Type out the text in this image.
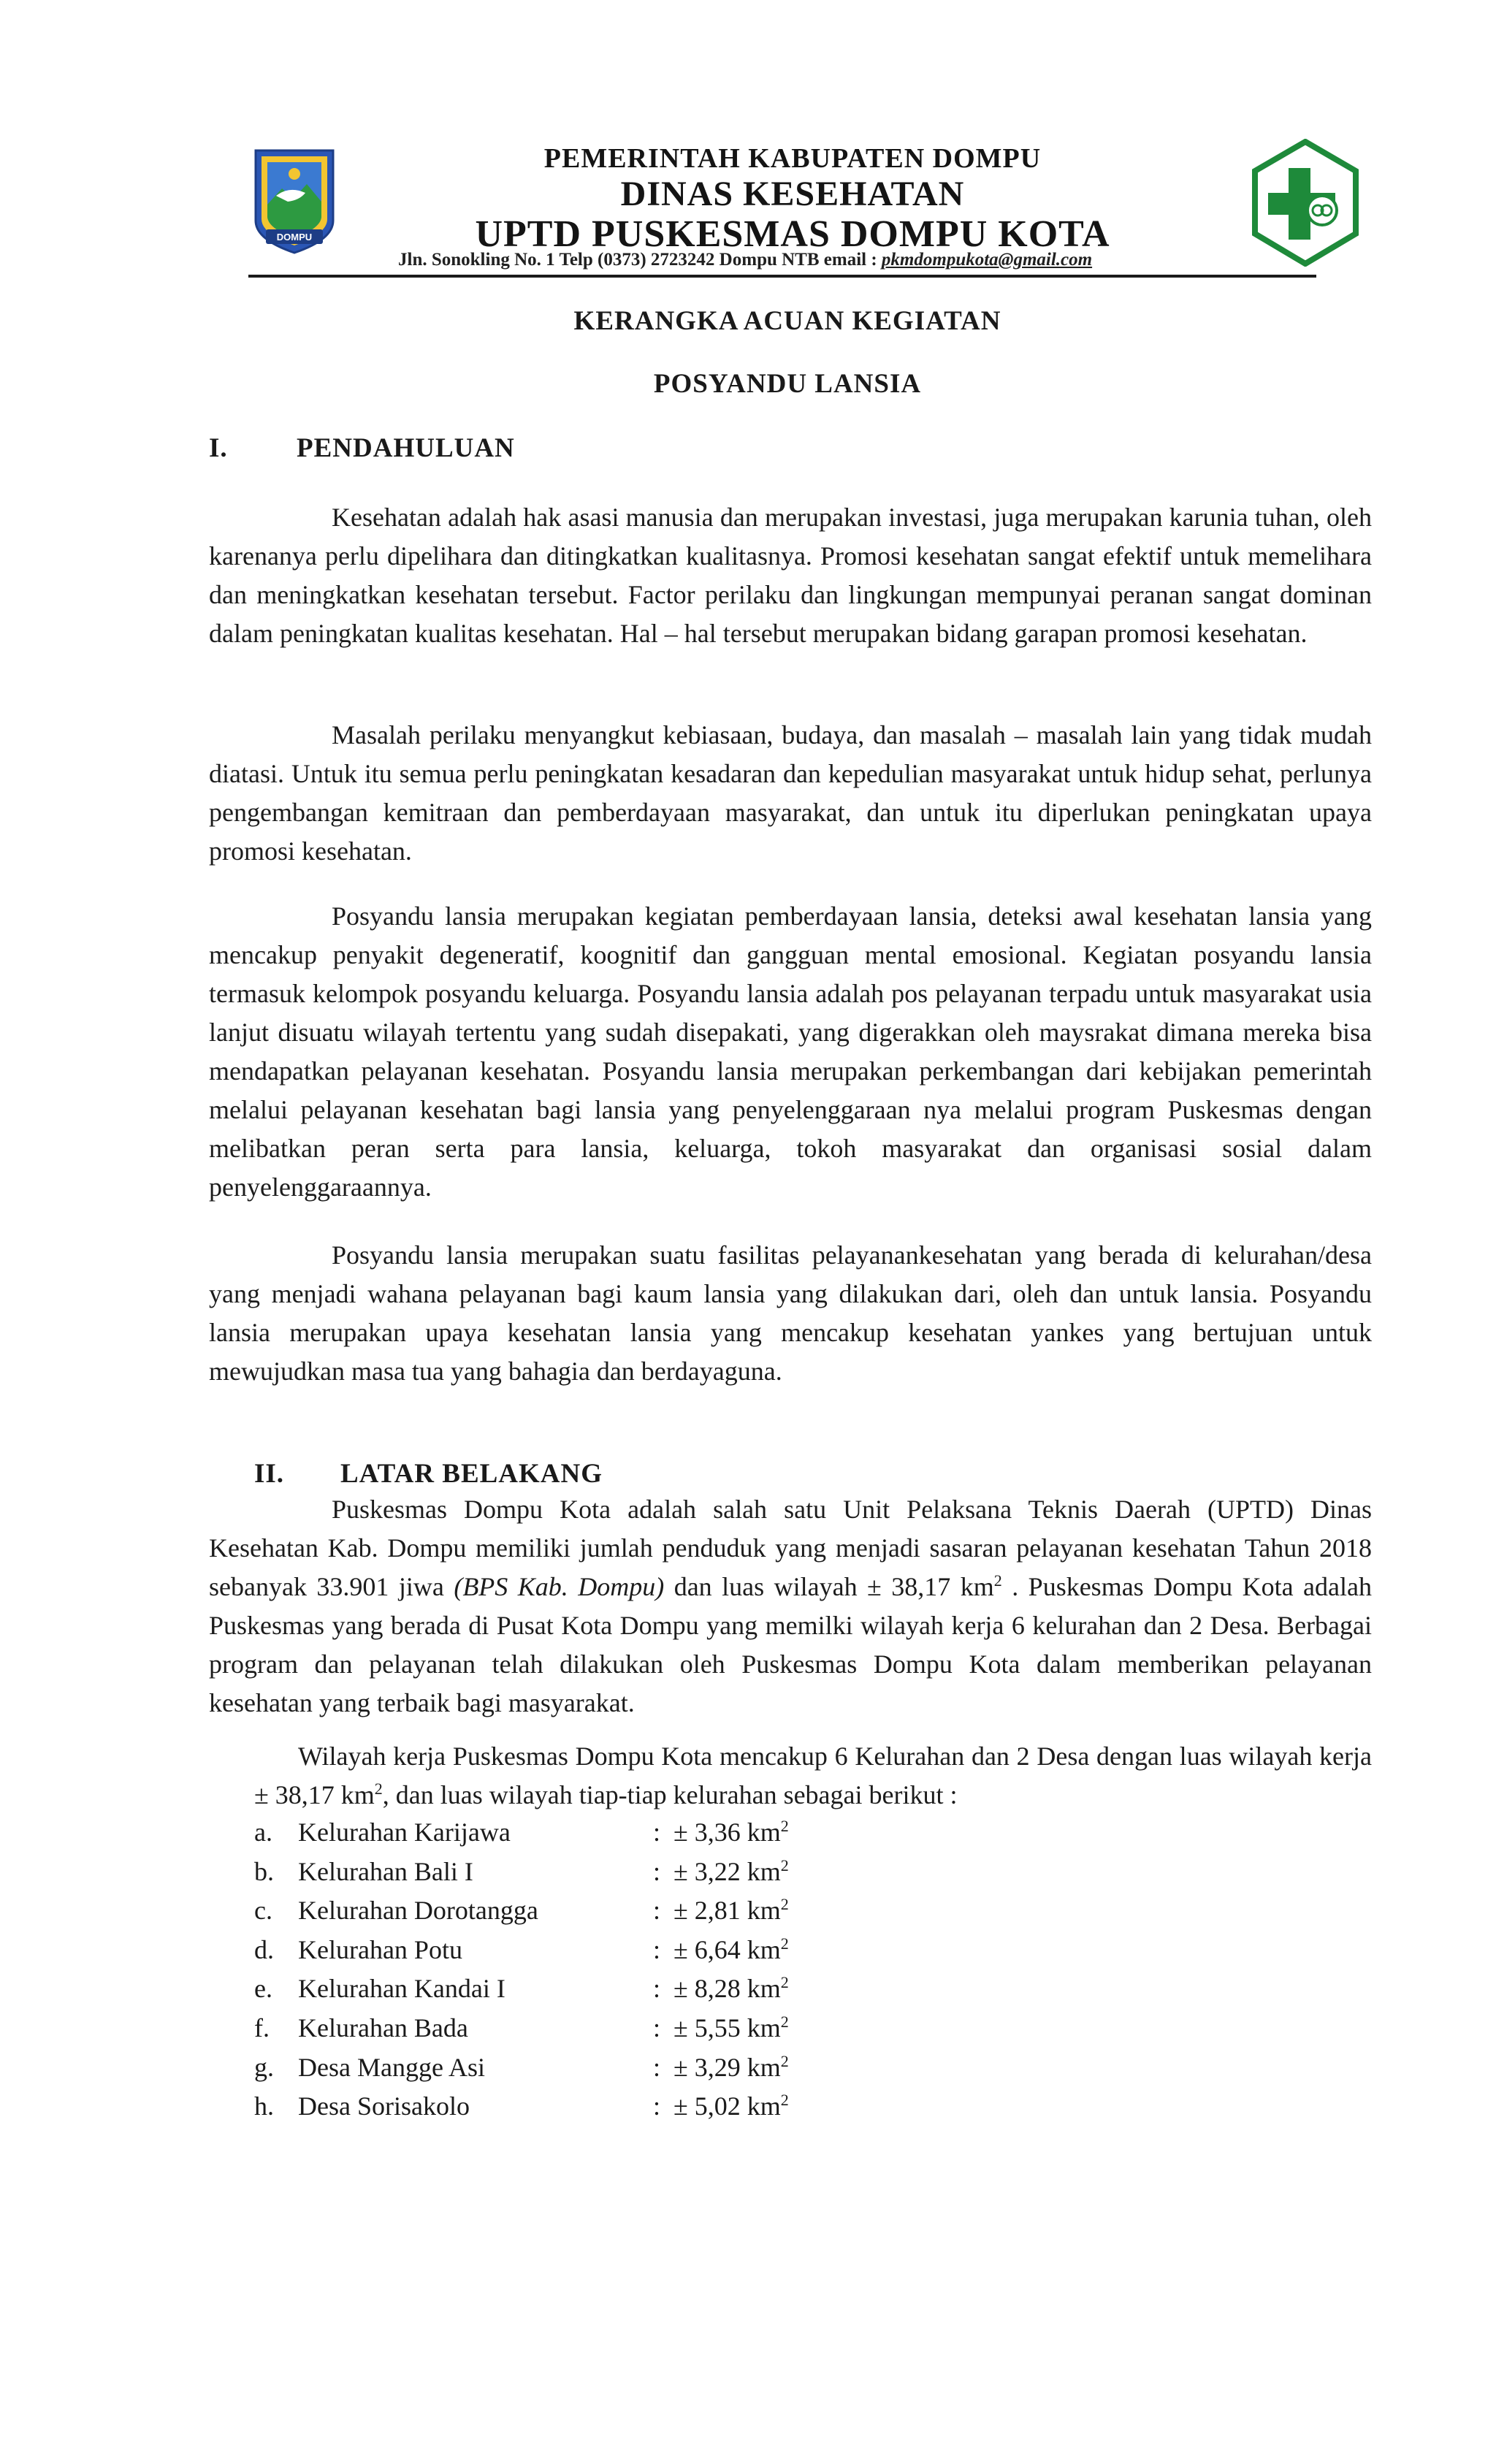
DOMPU
PEMERINTAH KABUPATEN DOMPU
DINAS KESEHATAN
UPTD PUSKESMAS DOMPU KOTA
Jln. Sonokling No. 1 Telp (0373) 2723242 Dompu NTB email : pkmdompukota@gmail.com
KERANGKA ACUAN KEGIATAN
POSYANDU LANSIA
I.	PENDAHULUAN

Kesehatan adalah hak asasi manusia dan merupakan investasi, juga merupakan karunia tuhan, oleh karenanya perlu dipelihara dan ditingkatkan kualitasnya. Promosi kesehatan sangat efektif untuk memelihara dan meningkatkan kesehatan tersebut. Factor perilaku dan lingkungan mempunyai peranan sangat dominan dalam peningkatan kualitas kesehatan. Hal – hal tersebut merupakan bidang garapan promosi kesehatan.

Masalah perilaku menyangkut kebiasaan, budaya, dan masalah – masalah lain yang tidak mudah diatasi. Untuk itu semua perlu peningkatan kesadaran dan kepedulian masyarakat untuk hidup sehat, perlunya pengembangan kemitraan dan pemberdayaan masyarakat, dan untuk itu diperlukan peningkatan upaya promosi kesehatan.

Posyandu lansia merupakan kegiatan pemberdayaan lansia, deteksi awal kesehatan lansia yang mencakup penyakit degeneratif, koognitif dan gangguan mental emosional. Kegiatan posyandu lansia termasuk kelompok posyandu keluarga. Posyandu lansia adalah pos pelayanan terpadu untuk masyarakat usia lanjut disuatu wilayah tertentu yang sudah disepakati, yang digerakkan oleh maysrakat dimana mereka bisa mendapatkan pelayanan kesehatan. Posyandu lansia merupakan perkembangan dari kebijakan pemerintah melalui pelayanan kesehatan bagi lansia yang penyelenggaraan nya melalui program Puskesmas dengan melibatkan peran serta para lansia, keluarga, tokoh masyarakat dan organisasi sosial dalam penyelenggaraannya.

Posyandu lansia merupakan suatu fasilitas pelayanankesehatan yang berada di kelurahan/desa yang menjadi wahana pelayanan bagi kaum lansia yang dilakukan dari, oleh dan untuk lansia. Posyandu lansia merupakan upaya kesehatan lansia yang mencakup kesehatan yankes yang bertujuan untuk mewujudkan masa tua yang bahagia dan berdayaguna.

II. LATAR BELAKANG

Puskesmas Dompu Kota adalah salah satu Unit Pelaksana Teknis Daerah (UPTD) Dinas Kesehatan Kab. Dompu memiliki jumlah penduduk yang menjadi sasaran pelayanan kesehatan Tahun 2018 sebanyak 33.901 jiwa (BPS Kab. Dompu) dan luas wilayah ± 38,17 $km^2$ . Puskesmas Dompu Kota adalah Puskesmas yang berada di Pusat Kota Dompu yang memilki wilayah kerja 6 kelurahan dan 2 Desa. Berbagai program dan pelayanan telah dilakukan oleh Puskesmas Dompu Kota dalam memberikan pelayanan kesehatan yang terbaik bagi masyarakat.

Wilayah kerja Puskesmas Dompu Kota mencakup 6 Kelurahan dan 2 Desa dengan luas wilayah kerja ± 38,17 $km^2$, dan luas wilayah tiap-tiap kelurahan sebagai berikut :

a. Kelurahan Karijawa	: ± 3,36 $km^2$
b. Kelurahan Bali I	: ± 3,22 $km^2$
c. Kelurahan Dorotangga	: ± 2,81 $km^2$
d. Kelurahan Potu	: ± 6,64 $km^2$
e. Kelurahan Kandai I	: ± 8,28 $km^2$
f. Kelurahan Bada	: ± 5,55 $km^2$
g. Desa Mangge Asi	: ± 3,29 $km^2$
h. Desa Sorisakolo	: ± 5,02 $km^2$
